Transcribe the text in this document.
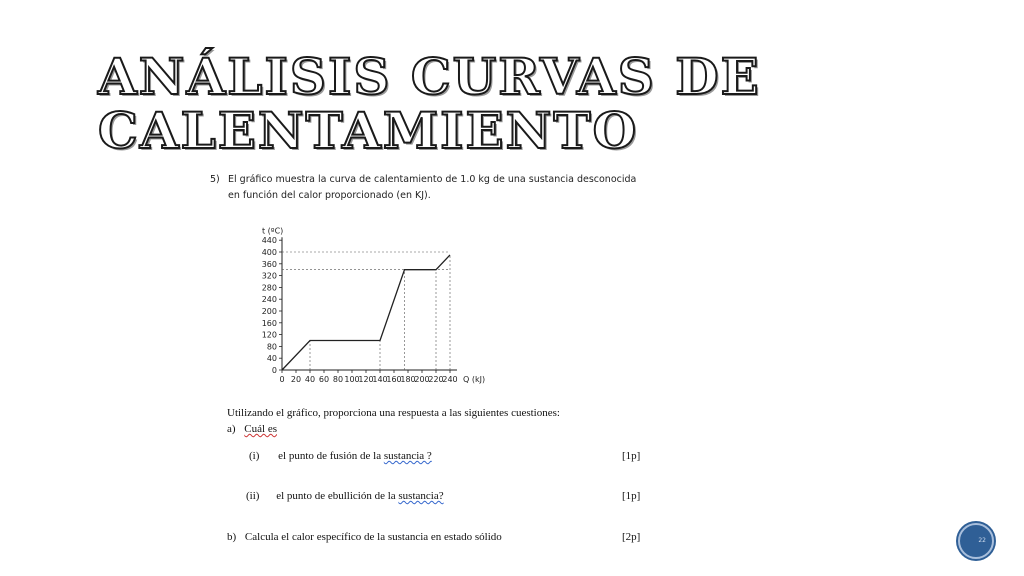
ANÁLISIS CURVAS DE
CALENTAMIENTO
5) El gráfico muestra la curva de calentamiento de 1.0 kg de una sustancia desconocida en función del calor proporcionado (en KJ).
0 20 40 60 80 100
120
140
160
180
200
220
240
0
40
80
120
160
200
240
280
320
360
400
440
t (ºC)
Q (kJ)
Utilizando el gráfico, proporciona una respuesta a las siguientes cuestiones:
a) Cuál es
(i) el punto de fusión de la sustancia ?	[1p]
(ii) el punto de ebullición de la sustancia?	[1p]
b) Calcula el calor específico de la sustancia en estado sólido	[2p]	22
